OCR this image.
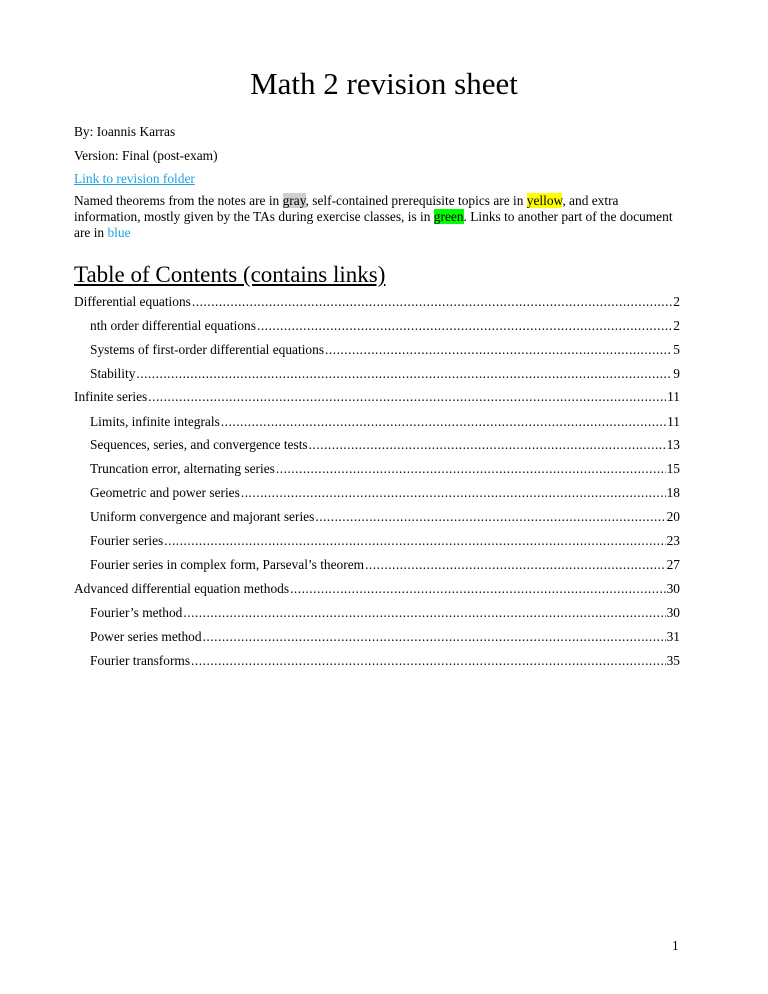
Math 2 revision sheet
By: Ioannis Karras
Version: Final (post-exam)
Link to revision folder
Named theorems from the notes are in gray, self-contained prerequisite topics are in yellow, and extra information, mostly given by the TAs during exercise classes, is in green. Links to another part of the document are in blue
Table of Contents (contains links)
Differential equations .....	2
nth order differential equations .....	2
Systems of first-order differential equations .....	5
Stability .....	9
Infinite series .....	11
Limits, infinite integrals .....	11
Sequences, series, and convergence tests .....	13
Truncation error, alternating series .....	15
Geometric and power series .....	18
Uniform convergence and majorant series .....	20
Fourier series .....	23
Fourier series in complex form, Parseval’s theorem .....	27
Advanced differential equation methods .....	30
Fourier’s method .....	30
Power series method .....	31
Fourier transforms .....	35
1
